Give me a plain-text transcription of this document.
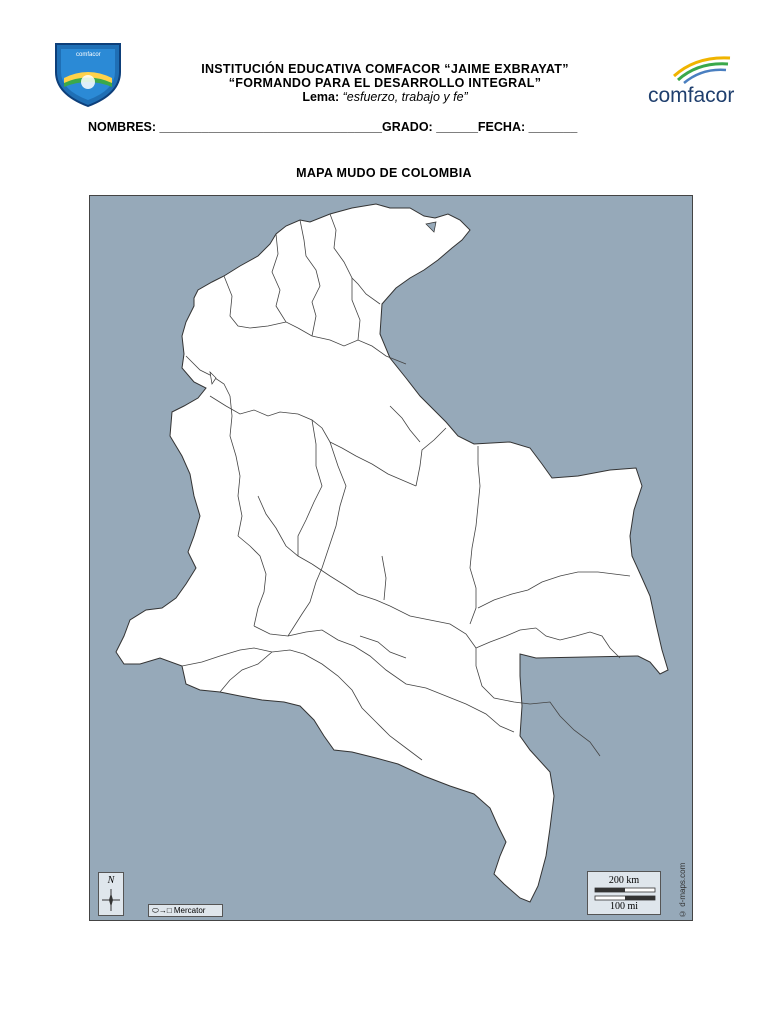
comfacor
comfacor
INSTITUCIÓN EDUCATIVA COMFACOR “JAIME EXBRAYAT”
“FORMANDO PARA EL DESARROLLO INTEGRAL”
Lema: “esfuerzo, trabajo y fe”
NOMBRES: ________________________________GRADO: ______FECHA: _______
MAPA MUDO DE COLOMBIA
N
⬭→□ Mercator
200 km
100 mi	© d-maps.com
